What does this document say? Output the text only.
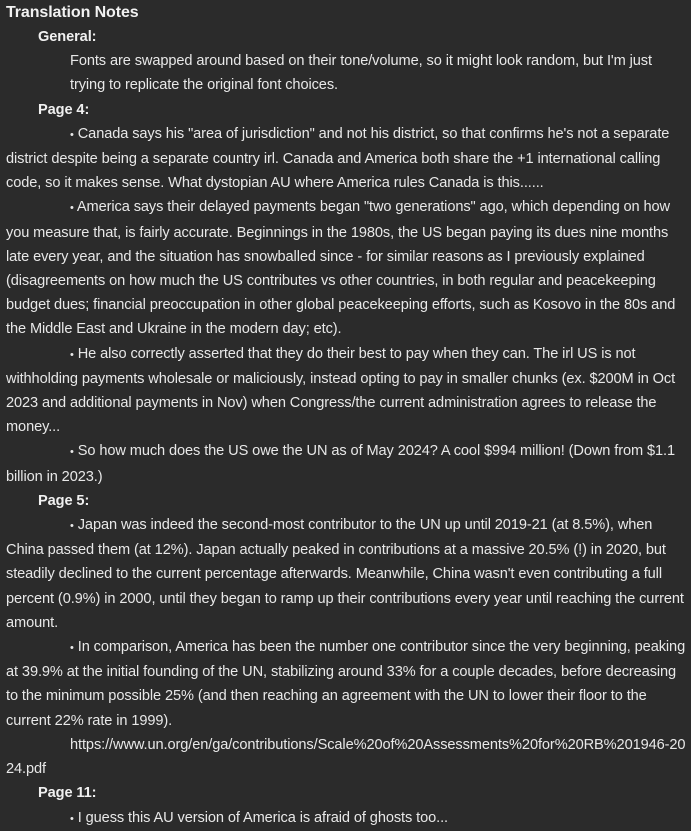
Translation Notes
General:

Fonts are swapped around based on their tone/volume, so it might look random, but I'm just trying to replicate the original font choices.

Page 4:

• Canada says his "area of jurisdiction" and not his district, so that confirms he's not a separate district despite being a separate country irl. Canada and America both share the +1 international calling code, so it makes sense. What dystopian AU where America rules Canada is this......

• America says their delayed payments began "two generations" ago, which depending on how you measure that, is fairly accurate. Beginnings in the 1980s, the US began paying its dues nine months late every year, and the situation has snowballed since - for similar reasons as I previously explained (disagreements on how much the US contributes vs other countries, in both regular and peacekeeping budget dues; financial preoccupation in other global peacekeeping efforts, such as Kosovo in the 80s and the Middle East and Ukraine in the modern day; etc).

• He also correctly asserted that they do their best to pay when they can. The irl US is not withholding payments wholesale or maliciously, instead opting to pay in smaller chunks (ex. $200M in Oct 2023 and additional payments in Nov) when Congress/the current administration agrees to release the money...

• So how much does the US owe the UN as of May 2024? A cool $994 million! (Down from $1.1 billion in 2023.)

Page 5:

• Japan was indeed the second-most contributor to the UN up until 2019-21 (at 8.5%), when China passed them (at 12%). Japan actually peaked in contributions at a massive 20.5% (!) in 2020, but steadily declined to the current percentage afterwards. Meanwhile, China wasn't even contributing a full percent (0.9%) in 2000, until they began to ramp up their contributions every year until reaching the current amount.

• In comparison, America has been the number one contributor since the very beginning, peaking at 39.9% at the initial founding of the UN, stabilizing around 33% for a couple decades, before decreasing to the minimum possible 25% (and then reaching an agreement with the UN to lower their floor to the current 22% rate in 1999).

https://www.un.org/en/ga/contributions/Scale%20of%20Assessments%20for%20RB%201946-2024.pdf

Page 11:

• I guess this AU version of America is afraid of ghosts too...
